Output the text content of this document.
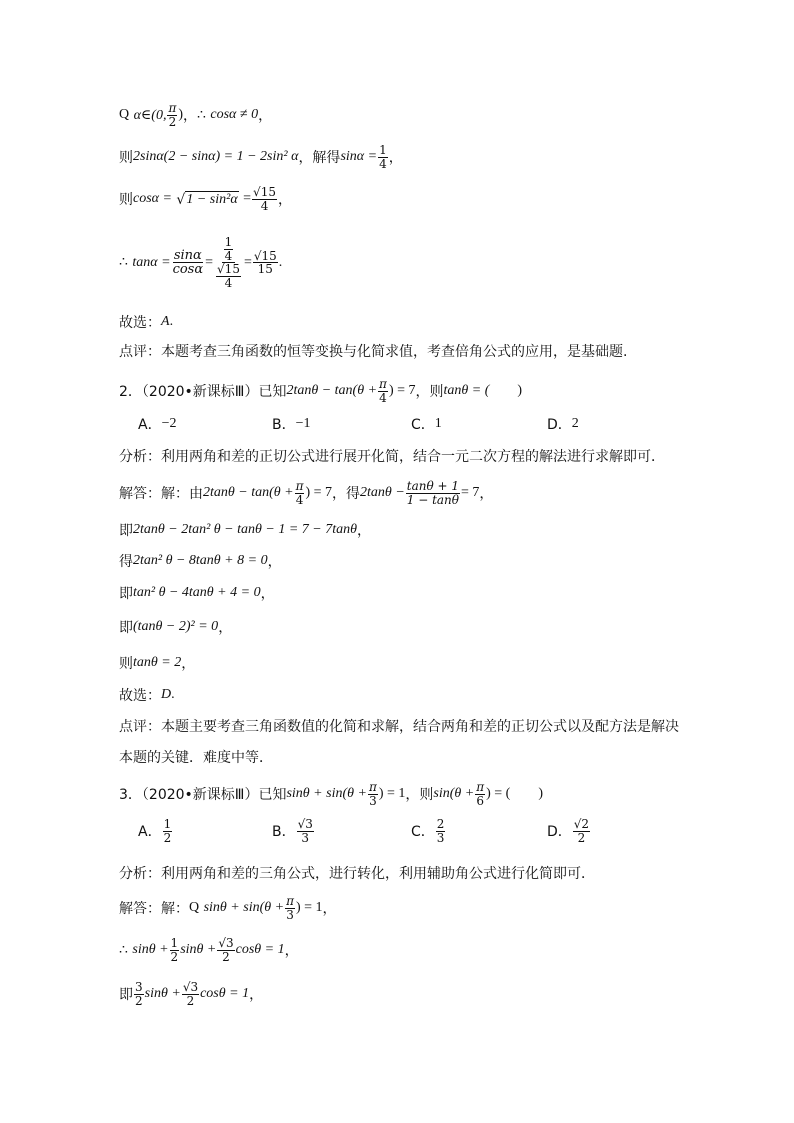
Q
α∈(0, $\frac{\pi}{2}$ ) ， ∴
cosα ≠ 0 ，
则 2sinα(2 − sinα) = 1 − 2sin² α ，解得 $\sin\alpha = \frac{1}{4}$ ，
则 cosα =
√ 1 − sin²α
= $\frac{√15}{4}$ ，
∴
$\tan\alpha = \frac{\sin\alpha}{\cos\alpha} = \frac{\frac{1}{4}}{\frac{√15}{4}} = \frac{√15}{15}$ .
故选： A .
点评：本题考查三角函数的恒等变换与化简求值，考查倍角公式的应用，是基础题.
2．（2020•新课标Ⅲ）已知 $2\tan\theta - \tan(\theta + \frac{\pi}{4}$ ) = 7 ，则 tanθ = (
　　 )
A． −2	B． −1	C． 1	D． 2
分析：利用两角和差的正切公式进行展开化简，结合一元二次方程的解法进行求解即可．
解答：解：由 $2\tan\theta - \tan(\theta + \frac{\pi}{4}$ ) = 7 ，得 $2\tan\theta - \frac{\tan\theta + 1}{1 - \tan\theta} = 7$ ，
即 2tanθ − 2tan² θ − tanθ − 1 = 7 − 7tanθ ，
得 2tan² θ − 8tanθ + 8 = 0 ，
即 tan² θ − 4tanθ + 4 = 0 ，
即 (tanθ − 2)² = 0 ，
则 tanθ = 2 ，
故选： D .
点评：本题主要考查三角函数值的化简和求解，结合两角和差的正切公式以及配方法是解决
本题的关键．难度中等．
3．（2020•新课标Ⅲ）已知 $\sin\theta + \sin(\theta + \frac{\pi}{3}$ ) = 1 ，则 $\sin(\theta + \frac{\pi}{6}$ ) = (
　　 )
A． $\frac{1}{2}$	B． $\frac{√3}{3}$	C． $\frac{2}{3}$	D． $\frac{√2}{2}$
分析：利用两角和差的三角公式，进行转化，利用辅助角公式进行化简即可．
解答：解： Q
$\sin\theta + \sin(\theta + \frac{\pi}{3}$ ) = 1 ，
∴
$\sin\theta + \frac{1}{2}$ $\sin\theta + \frac{√3}{2}$ cosθ = 1 ，
即 $\frac{3}{2}$ $\sin\theta + \frac{√3}{2}$ cosθ = 1 ，
